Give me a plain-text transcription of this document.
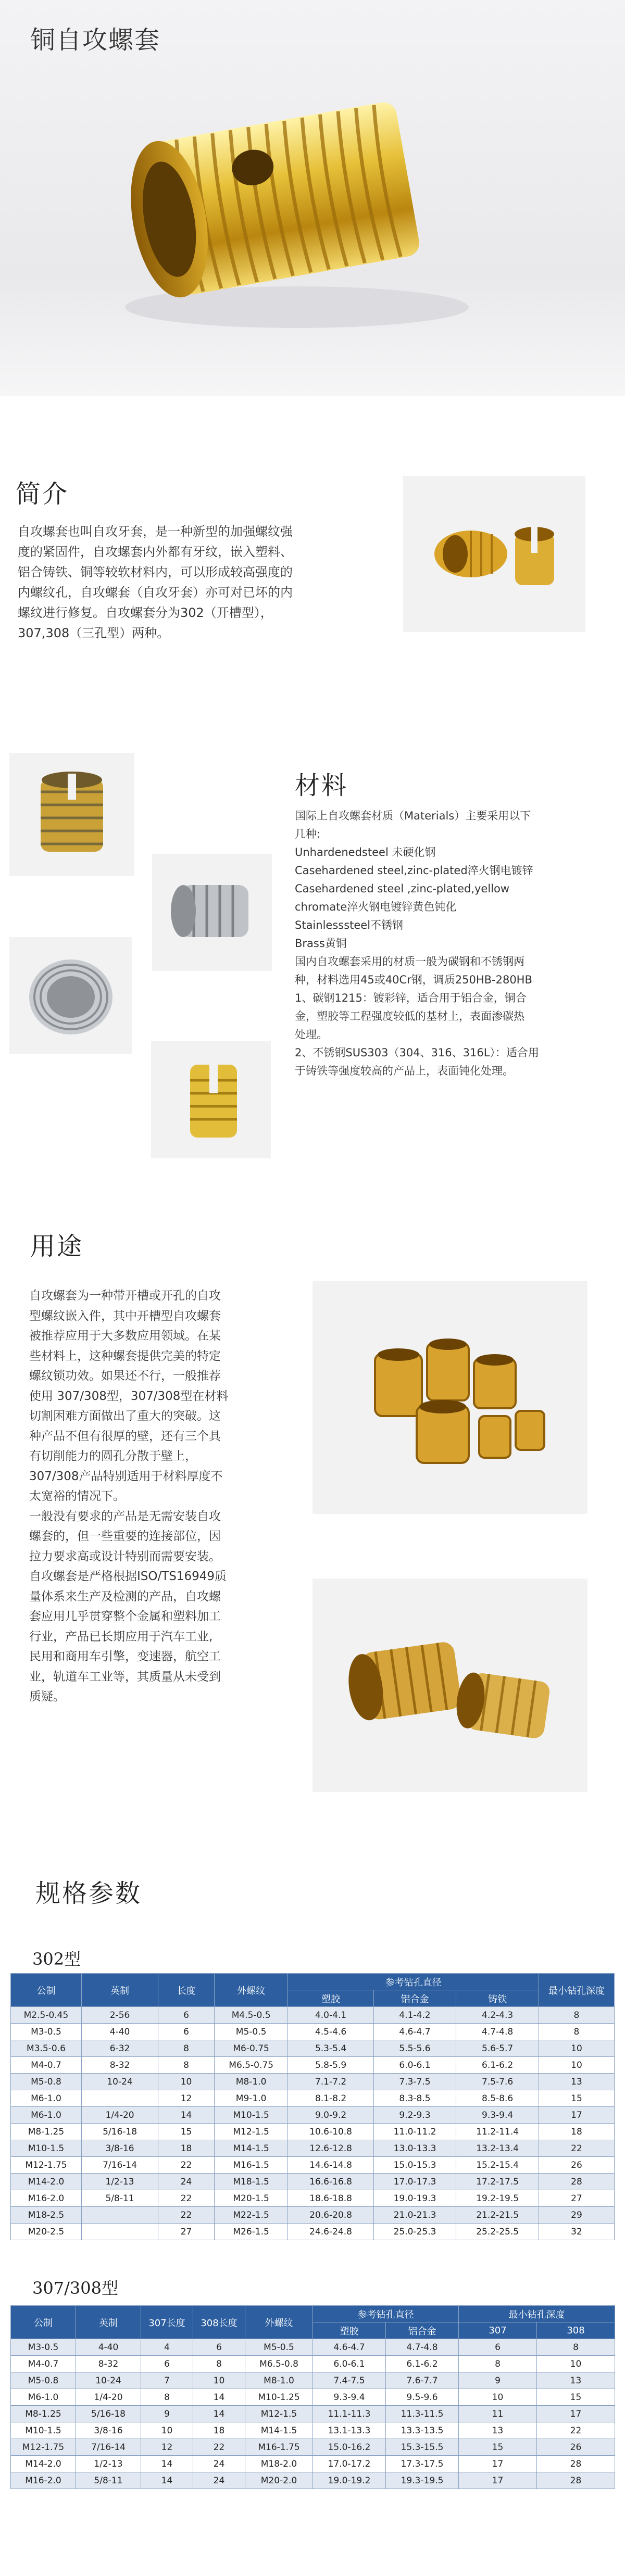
铜自攻螺套
简介
自攻螺套也叫自攻牙套，是一种新型的加强螺纹强
度的紧固件，自攻螺套内外都有牙纹，嵌入塑料、
铝合铸铁、铜等较软材料内，可以形成较高强度的
内螺纹孔，自攻螺套（自攻牙套）亦可对已坏的内
螺纹进行修复。自攻螺套分为302（开槽型），
307,308（三孔型）两种。
材料
国际上自攻螺套材质（Materials）主要采用以下
几种:
Unhardenedsteel 未硬化钢
Casehardened steel,zinc-plated淬火钢电镀锌
Casehardened steel ,zinc-plated,yellow
chromate淬火钢电镀锌黄色钝化
Stainlesssteel不锈钢
Brass黄铜
国内自攻螺套采用的材质一般为碳钢和不锈钢两
种，材料选用45或40Cr钢，调质250HB-280HB
1、碳钢1215：镀彩锌，适合用于铝合金，铜合
金，塑胶等工程强度较低的基材上，表面渗碳热
处理。
2、不锈钢SUS303（304、316、316L）：适合用
于铸铁等强度较高的产品上，表面钝化处理。
用途
自攻螺套为一种带开槽或开孔的自攻
型螺纹嵌入件，其中开槽型自攻螺套
被推荐应用于大多数应用领域。在某
些材料上，这种螺套提供完美的特定
螺纹锁功效。如果还不行，一般推荐
使用 307/308型，307/308型在材料
切割困难方面做出了重大的突破。这
种产品不但有很厚的壁，还有三个具
有切削能力的圆孔分散于壁上，
307/308产品特别适用于材料厚度不
太宽裕的情况下。
一般没有要求的产品是无需安装自攻
螺套的，但一些重要的连接部位，因
拉力要求高或设计特别而需要安装。
自攻螺套是严格根据ISO/TS16949质
量体系来生产及检测的产品，自攻螺
套应用几乎贯穿整个金属和塑料加工
行业，产品已长期应用于汽车工业,
民用和商用车引擎，变速器，航空工
业，轨道车工业等，其质量从未受到
质疑。
规格参数
302型
公制	英制	长度	外螺纹	参考钻孔直径			最小钻孔深度
				塑胶	铝合金	铸铁	
M2.5-0.45	2-56	6	M4.5-0.5	4.0-4.1	4.1-4.2	4.2-4.3	8
M3-0.5	4-40	6	M5-0.5	4.5-4.6	4.6-4.7	4.7-4.8	8
M3.5-0.6	6-32	8	M6-0.75	5.3-5.4	5.5-5.6	5.6-5.7	10
M4-0.7	8-32	8	M6.5-0.75	5.8-5.9	6.0-6.1	6.1-6.2	10
M5-0.8	10-24	10	M8-1.0	7.1-7.2	7.3-7.5	7.5-7.6	13
M6-1.0		12	M9-1.0	8.1-8.2	8.3-8.5	8.5-8.6	15
M6-1.0	1/4-20	14	M10-1.5	9.0-9.2	9.2-9.3	9.3-9.4	17
M8-1.25	5/16-18	15	M12-1.5	10.6-10.8	11.0-11.2	11.2-11.4	18
M10-1.5	3/8-16	18	M14-1.5	12.6-12.8	13.0-13.3	13.2-13.4	22
M12-1.75	7/16-14	22	M16-1.5	14.6-14.8	15.0-15.3	15.2-15.4	26
M14-2.0	1/2-13	24	M18-1.5	16.6-16.8	17.0-17.3	17.2-17.5	28
M16-2.0	5/8-11	22	M20-1.5	18.6-18.8	19.0-19.3	19.2-19.5	27
M18-2.5		22	M22-1.5	20.6-20.8	21.0-21.3	21.2-21.5	29
M20-2.5		27	M26-1.5	24.6-24.8	25.0-25.3	25.2-25.5	32
307/308型
公制	英制	307长度	308长度	外螺纹	参考钻孔直径		最小钻孔深度	
					塑胶	铝合金	307	308
M3-0.5	4-40	4	6	M5-0.5	4.6-4.7	4.7-4.8	6	8
M4-0.7	8-32	6	8	M6.5-0.8	6.0-6.1	6.1-6.2	8	10
M5-0.8	10-24	7	10	M8-1.0	7.4-7.5	7.6-7.7	9	13
M6-1.0	1/4-20	8	14	M10-1.25	9.3-9.4	9.5-9.6	10	15
M8-1.25	5/16-18	9	14	M12-1.5	11.1-11.3	11.3-11.5	11	17
M10-1.5	3/8-16	10	18	M14-1.5	13.1-13.3	13.3-13.5	13	22
M12-1.75	7/16-14	12	22	M16-1.75	15.0-16.2	15.3-15.5	15	26
M14-2.0	1/2-13	14	24	M18-2.0	17.0-17.2	17.3-17.5	17	28
M16-2.0	5/8-11	14	24	M20-2.0	19.0-19.2	19.3-19.5	17	28
